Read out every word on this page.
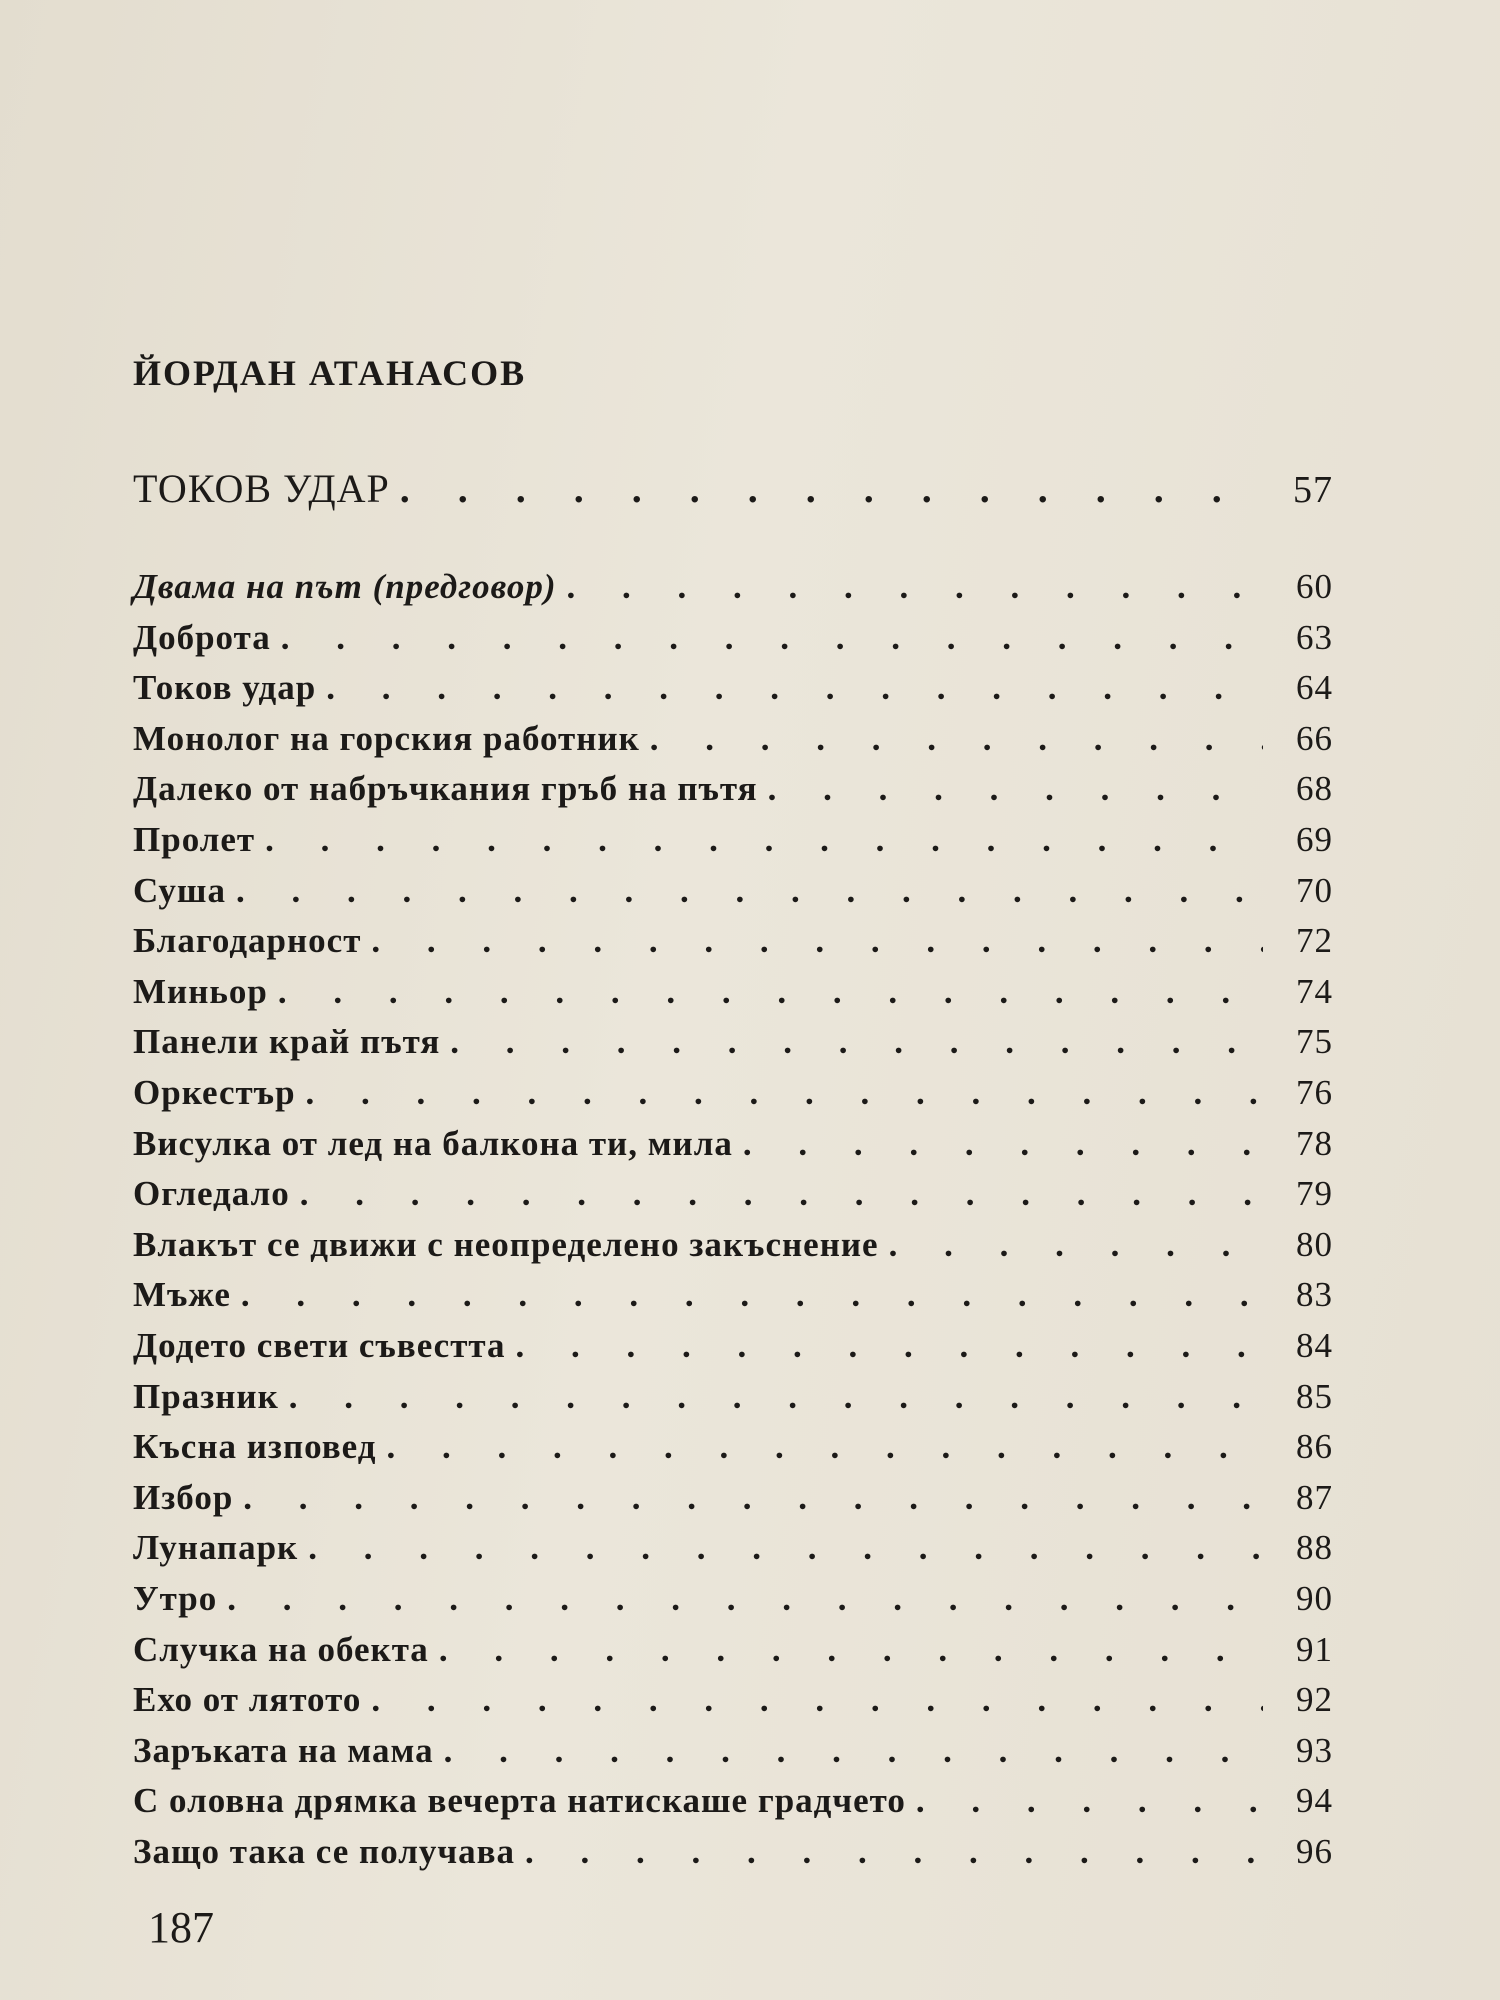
ЙОРДАН АТАНАСОВ
ТОКОВ УДАР . . .	57
Двама на път (предговор) . . .	60
Доброта . . .	63
Токов удар . . .	64
Монолог на горския работник . . .	66
Далеко от набръчкания гръб на пътя . . .	68
Пролет . . .	69
Суша . . .	70
Благодарност . . .	72
Миньор . . .	74
Панели край пътя . . .	75
Оркестър . . .	76
Висулка от лед на балкона ти, мила . . .	78
Огледало . . .	79
Влакът се движи с неопределено закъснение . . .	80
Мъже . . .	83
Додето свети съвестта . . .	84
Празник . . .	85
Късна изповед . . .	86
Избор . . .	87
Лунапарк . . .	88
Утро . . .	90
Случка на обекта . . .	91
Ехо от лятото . . .	92
Заръката на мама . . .	93
С оловна дрямка вечерта натискаше градчето . . .	94
Защо така се получава . . .	96
187
